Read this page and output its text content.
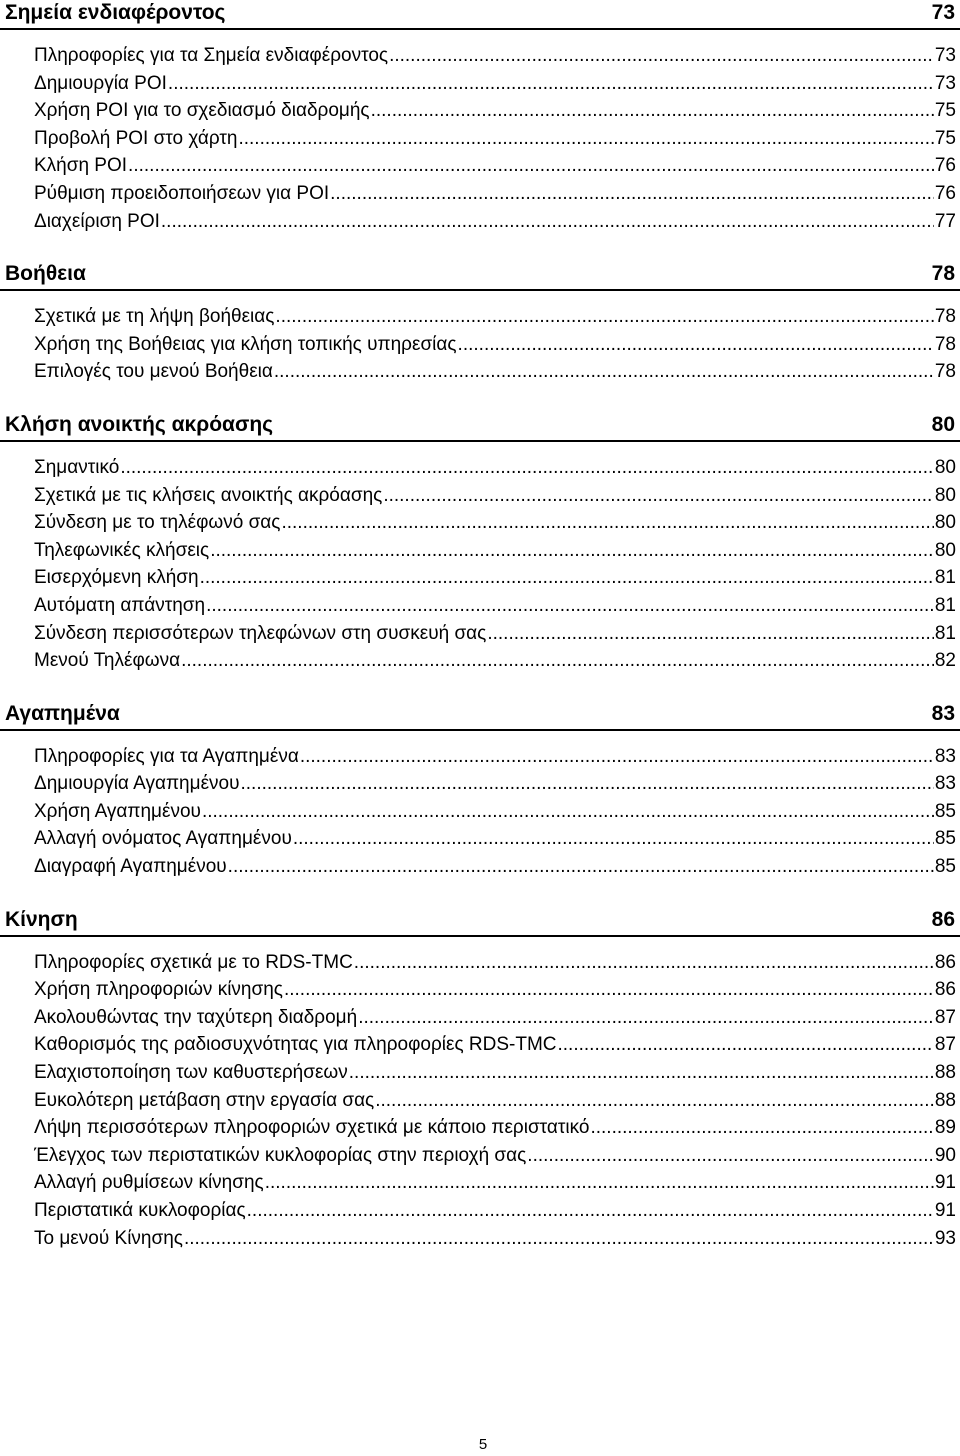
Σημεία ενδιαφέροντος	73
Πληροφορίες για τα Σημεία ενδιαφέροντος .....	73
Δημιουργία POI .....	73
Χρήση POI για το σχεδιασμό διαδρομής .....	75
Προβολή POI στο χάρτη .....	75
Κλήση POI .....	76
Ρύθμιση προειδοποιήσεων για POI .....	76
Διαχείριση POI .....	77
Βοήθεια	78
Σχετικά με τη λήψη βοήθειας .....	78
Χρήση της Βοήθειας για κλήση τοπικής υπηρεσίας .....	78
Επιλογές του μενού Βοήθεια .....	78
Κλήση ανοικτής ακρόασης	80
Σημαντικό .....	80
Σχετικά με τις κλήσεις ανοικτής ακρόασης .....	80
Σύνδεση με το τηλέφωνό σας .....	80
Τηλεφωνικές κλήσεις .....	80
Εισερχόμενη κλήση .....	81
Αυτόματη απάντηση .....	81
Σύνδεση περισσότερων τηλεφώνων στη συσκευή σας .....	81
Μενού Τηλέφωνα .....	82
Αγαπημένα	83
Πληροφορίες για τα Αγαπημένα .....	83
Δημιουργία Αγαπημένου .....	83
Χρήση Αγαπημένου .....	85
Αλλαγή ονόματος Αγαπημένου .....	85
Διαγραφή Αγαπημένου .....	85
Κίνηση	86
Πληροφορίες σχετικά με το RDS-TMC .....	86
Χρήση πληροφοριών κίνησης .....	86
Ακολουθώντας την ταχύτερη διαδρομή .....	87
Καθορισμός της ραδιοσυχνότητας για πληροφορίες RDS-TMC .....	87
Ελαχιστοποίηση των καθυστερήσεων .....	88
Ευκολότερη μετάβαση στην εργασία σας .....	88
Λήψη περισσότερων πληροφοριών σχετικά με κάποιο περιστατικό .....	89
Έλεγχος των περιστατικών κυκλοφορίας στην περιοχή σας .....	90
Αλλαγή ρυθμίσεων κίνησης .....	91
Περιστατικά κυκλοφορίας .....	91
Το μενού Κίνησης .....	93
5
